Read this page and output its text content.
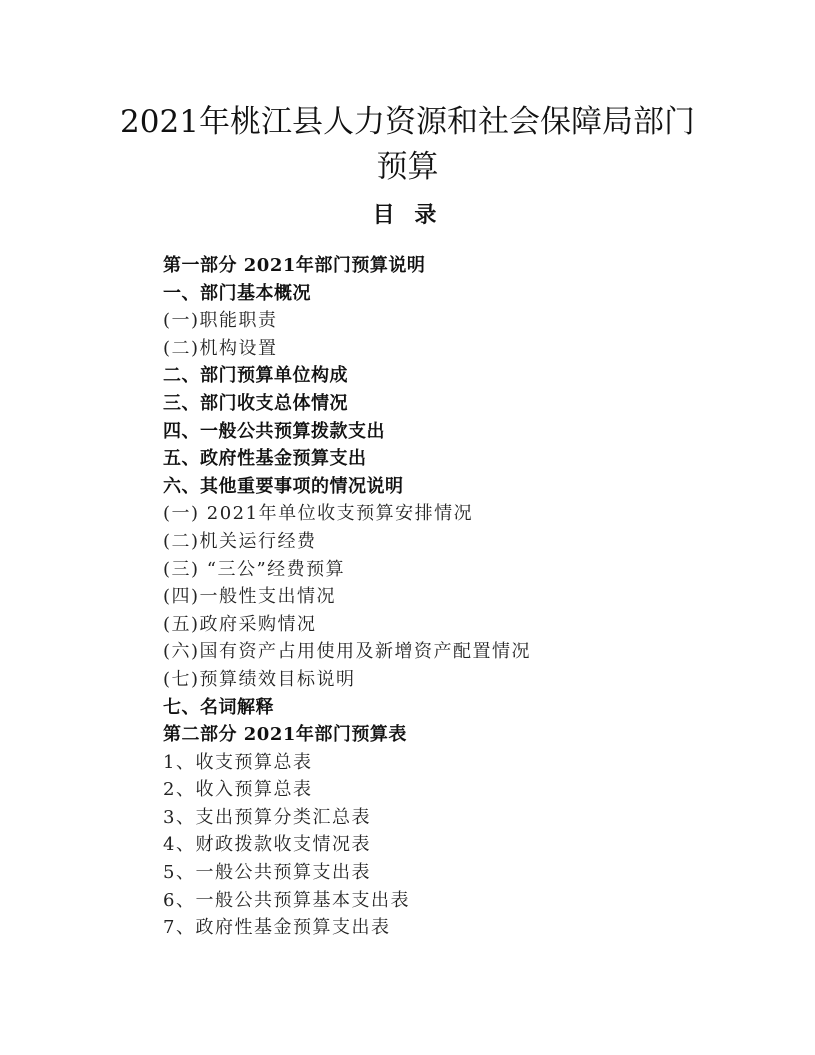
2021年桃江县人力资源和社会保障局部门
预算
目 录
第一部分 2021年部门预算说明
一、部门基本概况
(一)职能职责
(二)机构设置
二、部门预算单位构成
三、部门收支总体情况
四、一般公共预算拨款支出
五、政府性基金预算支出
六、其他重要事项的情况说明
(一) 2021年单位收支预算安排情况
(二)机关运行经费
(三) “三公”经费预算
(四)一般性支出情况
(五)政府采购情况
(六)国有资产占用使用及新增资产配置情况
(七)预算绩效目标说明
七、名词解释
第二部分 2021年部门预算表
1、收支预算总表
2、收入预算总表
3、支出预算分类汇总表
4、财政拨款收支情况表
5、一般公共预算支出表
6、一般公共预算基本支出表
7、政府性基金预算支出表
